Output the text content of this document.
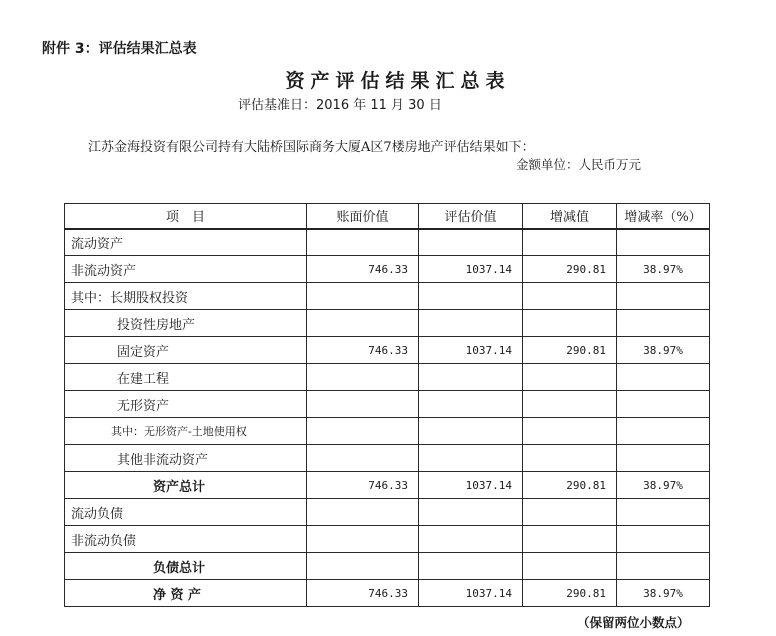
附件 3：评估结果汇总表
资产评估结果汇总表
评估基准日：2016 年 11 月 30 日
江苏金海投资有限公司持有大陆桥国际商务大厦A区7楼房地产评估结果如下：
金额单位：人民币万元
项　目	账面价值	评估价值	增减值	增减率（%）
流动资产				
非流动资产	746.33	1037.14	290.81	38.97%
其中：长期股权投资				
投资性房地产				
固定资产	746.33	1037.14	290.81	38.97%
在建工程				
无形资产				
其中：无形资产-土地使用权				
其他非流动资产				
资产总计	746.33	1037.14	290.81	38.97%
流动负债				
非流动负债				
负债总计				
净 资 产	746.33	1037.14	290.81	38.97%
（保留两位小数点）
